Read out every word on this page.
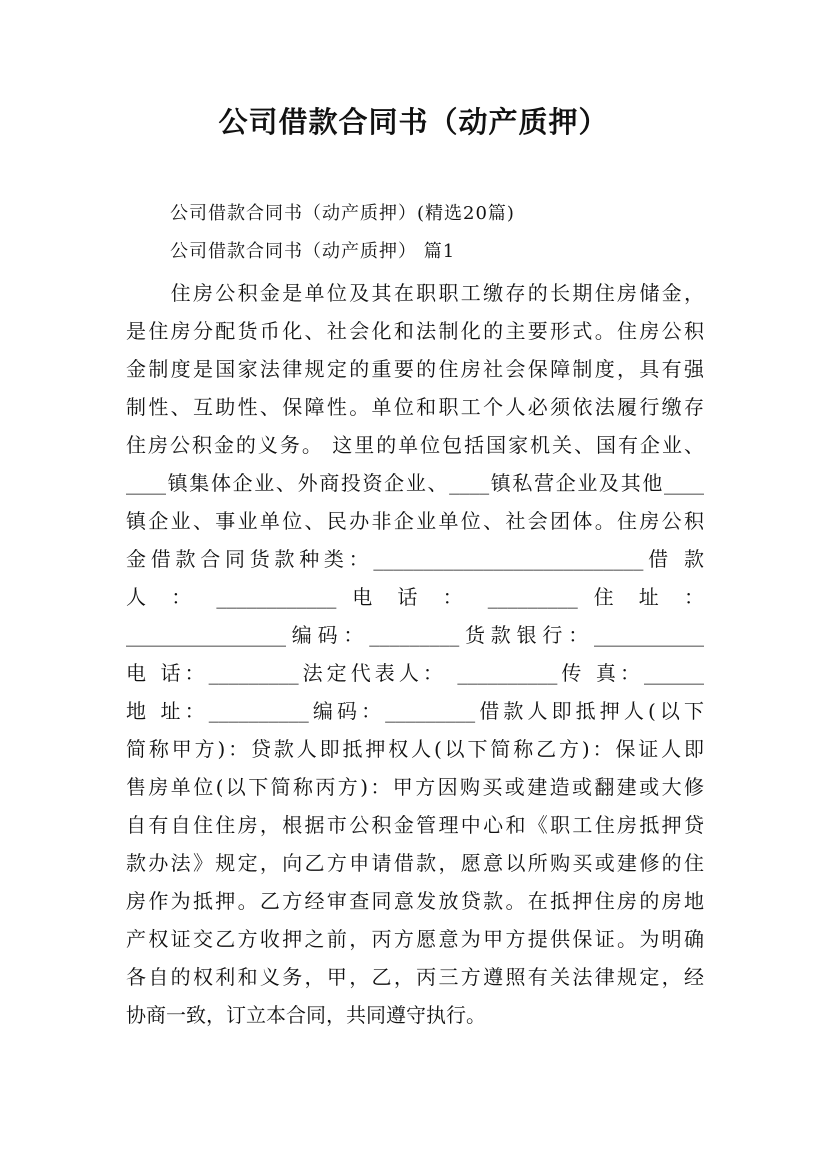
公司借款合同书（动产质押）
公司借款合同书（动产质押）(精选20篇)
公司借款合同书（动产质押） 篇1
　　住房公积金是单位及其在职职工缴存的长期住房储金，
是住房分配货币化、社会化和法制化的主要形式。住房公积
金制度是国家法律规定的重要的住房社会保障制度，具有强
制性、互助性、保障性。单位和职工个人必须依法履行缴存
住房公积金的义务。 这里的单位包括国家机关、国有企业、
____镇集体企业、外商投资企业、____镇私营企业及其他____
镇企业、事业单位、民办非企业单位、社会团体。住房公积
金借款合同货款种类：___________________________借 款
人 ： ____________ 电 话 ： _________ 住 址 ：
________________编码：_________货款银行：___________
电 话：_________法定代表人： __________传 真：______
地 址：__________编码：_________借款人即抵押人(以下
简称甲方)：贷款人即抵押权人(以下简称乙方)：保证人即
售房单位(以下简称丙方)：甲方因购买或建造或翻建或大修
自有自住住房，根据市公积金管理中心和《职工住房抵押贷
款办法》规定，向乙方申请借款，愿意以所购买或建修的住
房作为抵押。乙方经审查同意发放贷款。在抵押住房的房地
产权证交乙方收押之前，丙方愿意为甲方提供保证。为明确
各自的权利和义务，甲，乙，丙三方遵照有关法律规定，经
协商一致，订立本合同，共同遵守执行。
